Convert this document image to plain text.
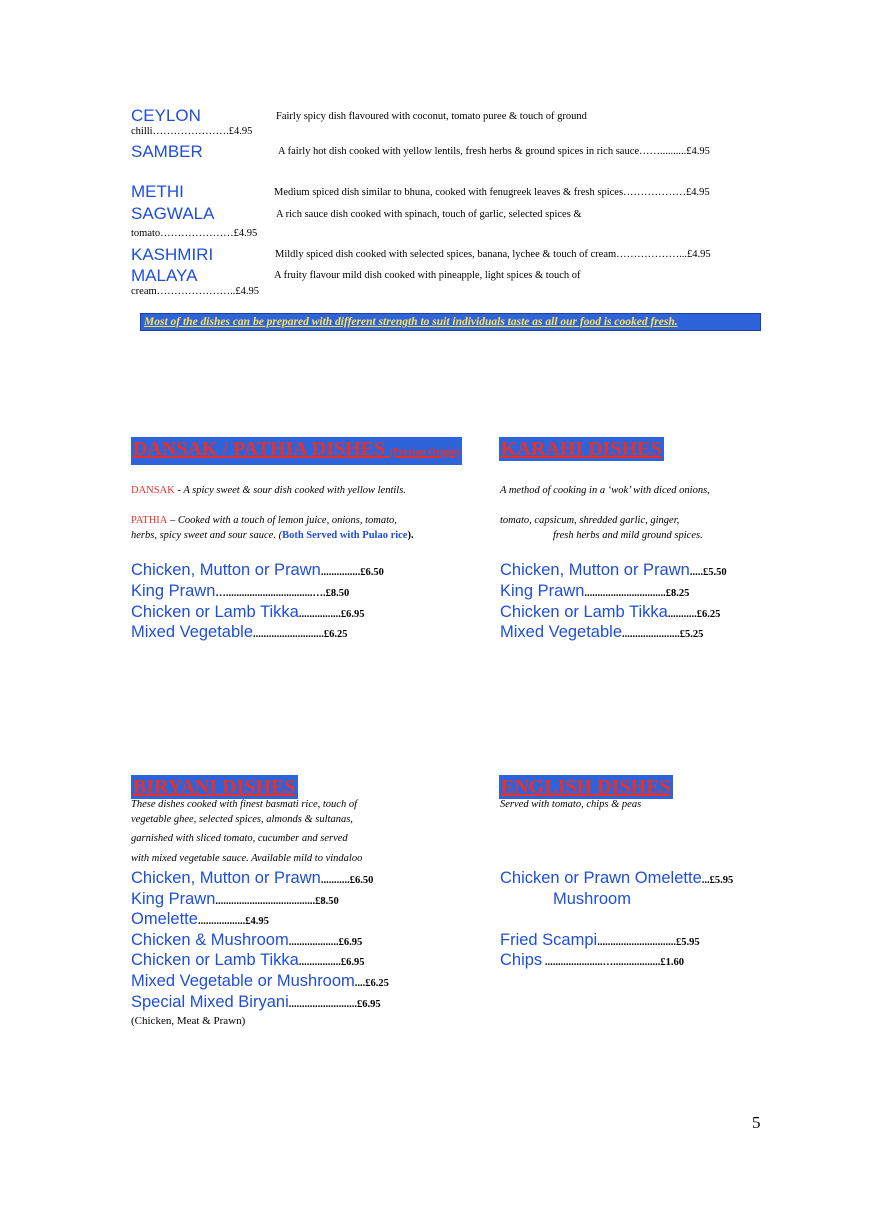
CEYLON	Fairly spicy dish flavoured with coconut, tomato puree & touch of ground
chilli………………….£4.95
SAMBER	A fairly hot dish cooked with yellow lentils, fresh herbs & ground spices in rich sauce……..........£4.95
METHI	Medium spiced dish similar to bhuna, cooked with fenugreek leaves & fresh spices………………£4.95
SAGWALA	A rich sauce dish cooked with spinach, touch of garlic, selected spices &
tomato…………………£4.95
KASHMIRI	Mildly spiced dish cooked with selected spices, banana, lychee & touch of cream………………...£4.95
MALAYA	A fruity flavour mild dish cooked with pineapple, light spices & touch of
cream…………………..£4.95
Most of the dishes can be prepared with different strength to suit individuals taste as all our food is cooked fresh.
DANSAK / PATHIA DISHES (Persian Origin)
DANSAK - A spicy sweet & sour dish cooked with yellow lentils.
PATHIA – Cooked with a touch of lemon juice, onions, tomato,
herbs, spicy sweet and sour sauce. (Both Served with Pulao rice).
Chicken, Mutton or Prawn...............£6.50
King Prawn….................................….£8.50
Chicken or Lamb Tikka................£6.95
Mixed Vegetable...........................£6.25
KARAHI DISHES
A method of cooking in a ‘wok’ with diced onions,
tomato, capsicum, shredded garlic, ginger,
fresh herbs and mild ground spices.
Chicken, Mutton or Prawn.....£5.50
King Prawn...............................£8.25
Chicken or Lamb Tikka...........£6.25
Mixed Vegetable......................£5.25
BIRYANI DISHES
These dishes cooked with finest basmati rice, touch of
vegetable ghee, selected spices, almonds & sultanas,
garnished with sliced tomato, cucumber and served
with mixed vegetable sauce. Available mild to vindaloo
Chicken, Mutton or Prawn...........£6.50
King Prawn......................................£8.50
Omelette..................£4.95
Chicken & Mushroom...................£6.95
Chicken or Lamb Tikka................£6.95
Mixed Vegetable or Mushroom....£6.25
Special Mixed Biryani..........................£6.95
(Chicken, Meat & Prawn)
ENGLISH DISHES
Served with tomato, chips & peas
Chicken or Prawn Omelette...£5.95
Mushroom
Fried Scampi..............................£5.95
Chips ......................…..................£1.60
5
